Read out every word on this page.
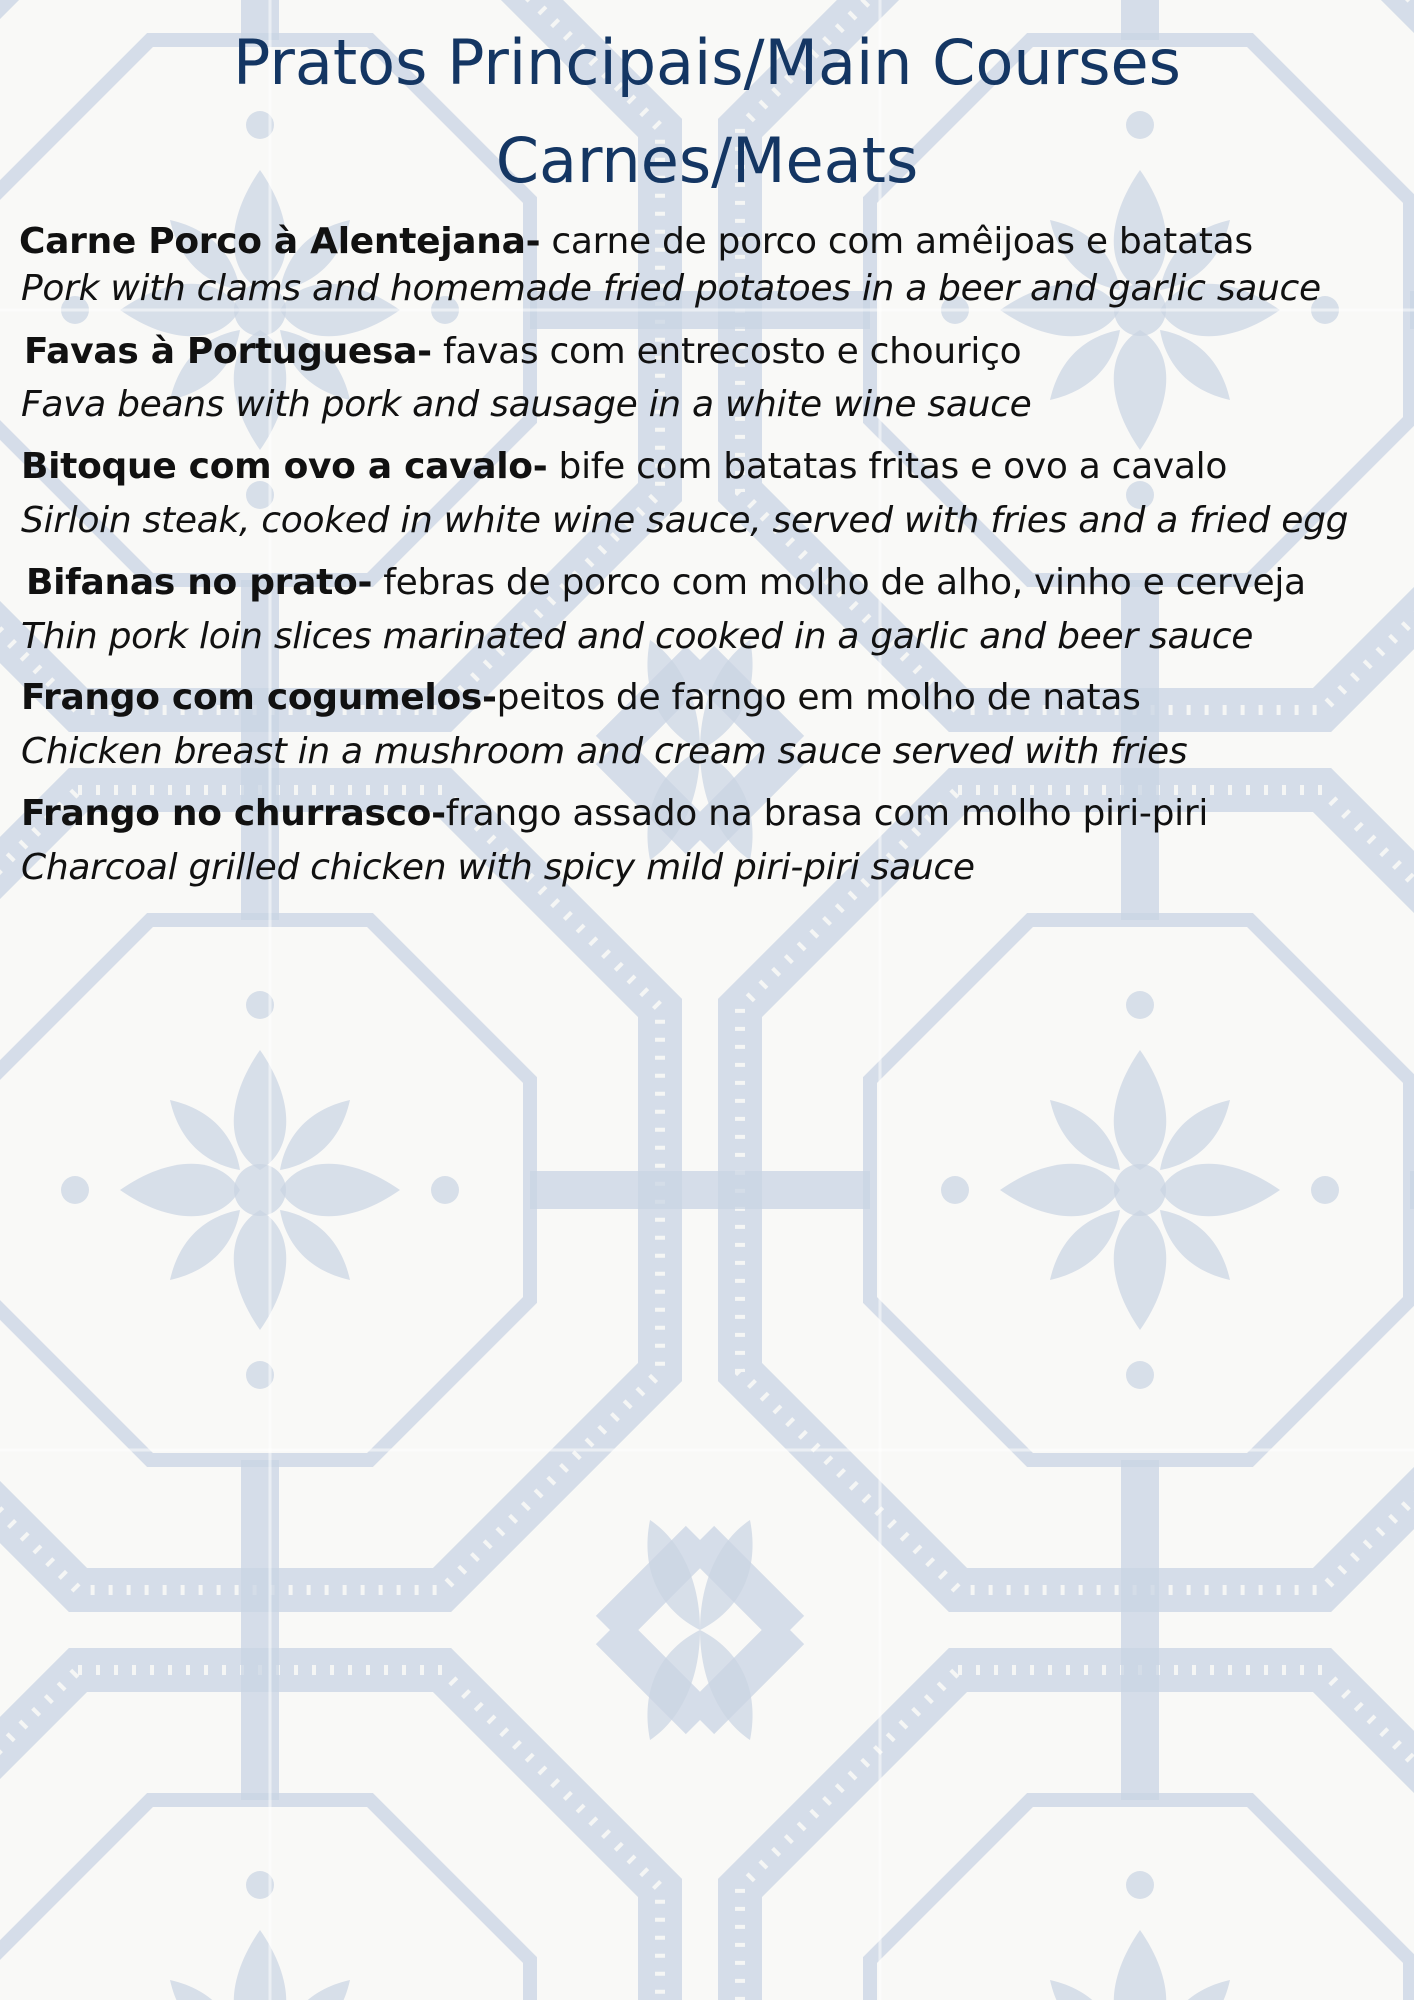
Pratos Principais/Main Courses
Carnes/Meats
Carne Porco à Alentejana- carne de porco com amêijoas e batatas
Pork with clams and homemade fried potatoes in a beer and garlic sauce
Favas à Portuguesa- favas com entrecosto e chouriço
Fava beans with pork and sausage in a white wine sauce
Bitoque com ovo a cavalo- bife com batatas fritas e ovo a cavalo
Sirloin steak, cooked in white wine sauce, served with fries and a fried egg
Bifanas no prato- febras de porco com molho de alho, vinho e cerveja
Thin pork loin slices marinated and cooked in a garlic and beer sauce
Frango com cogumelos-peitos de farngo em molho de natas
Chicken breast in a mushroom and cream sauce served with fries
Frango no churrasco-frango assado na brasa com molho piri-piri
Charcoal grilled chicken with spicy mild piri-piri sauce
